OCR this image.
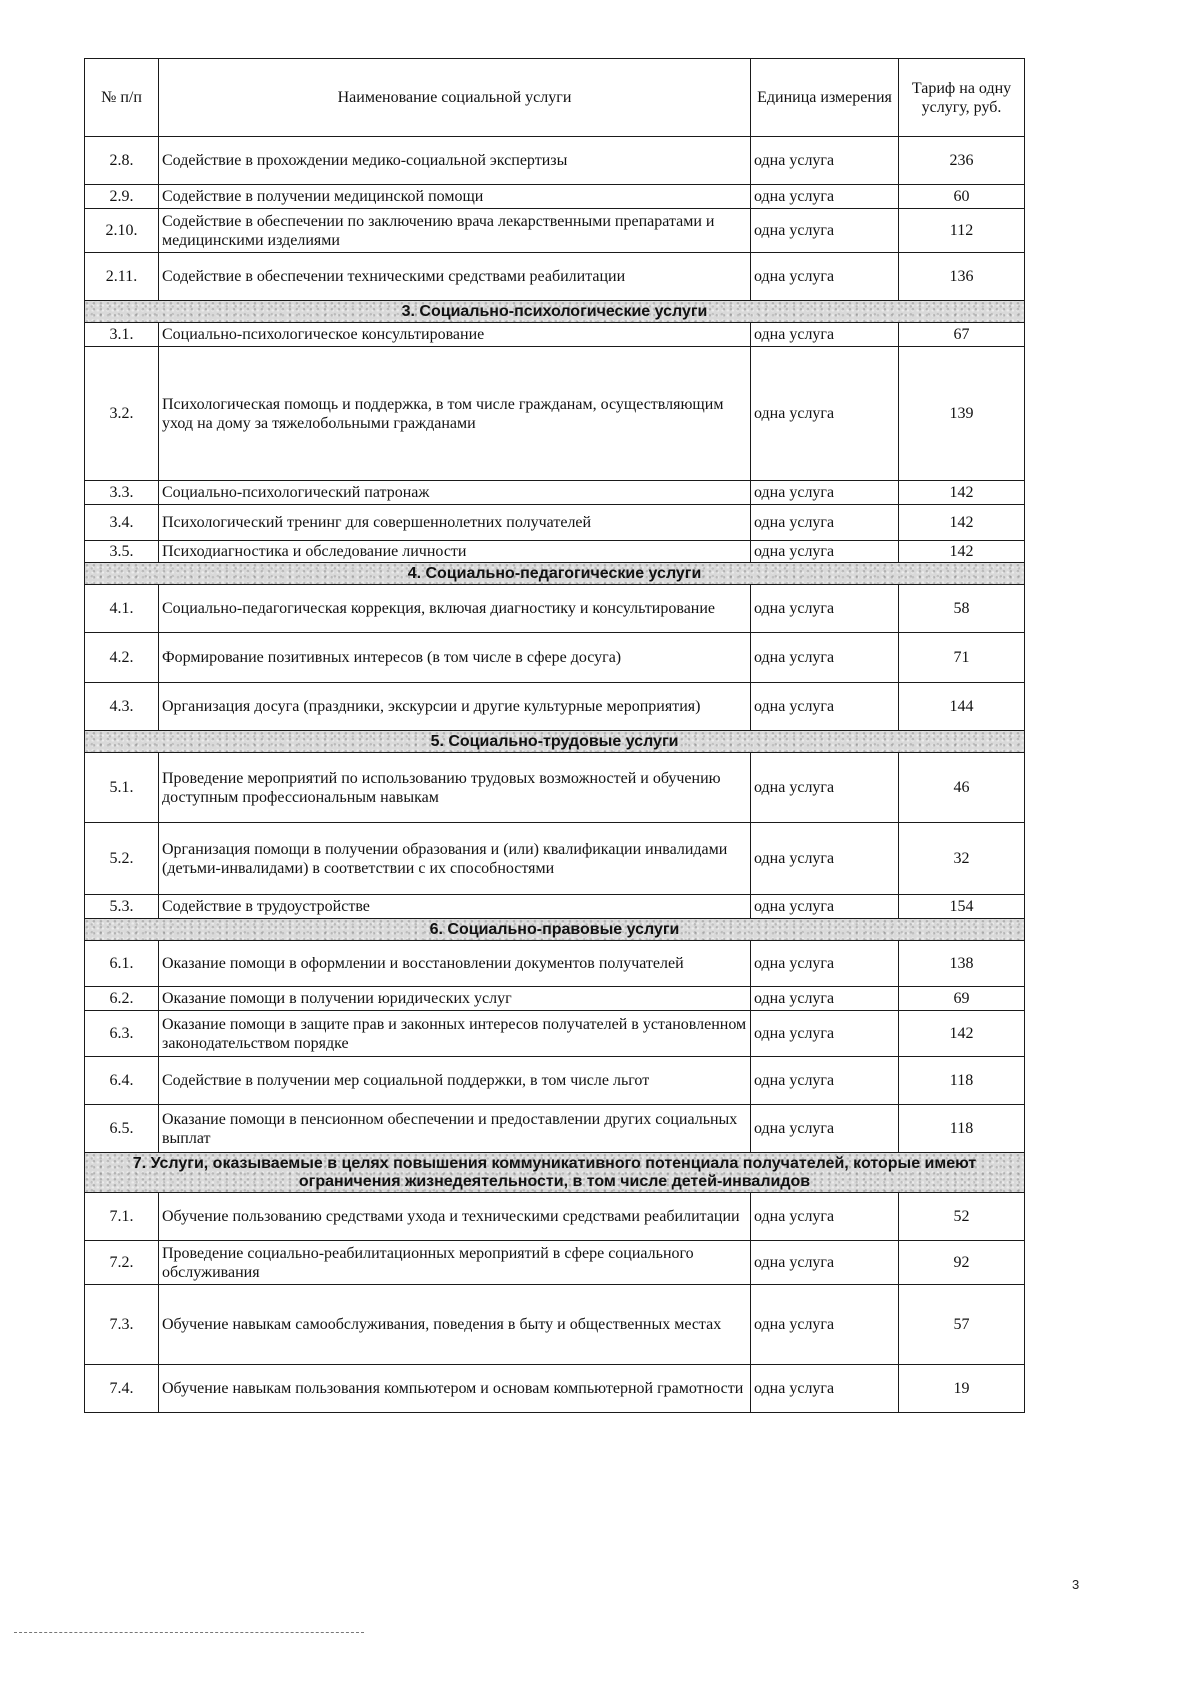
№ п/п	Наименование социальной услуги	Единица измерения	Тариф на одну услугу, руб.
2.8.	Содействие в прохождении медико-социальной экспертизы	одна услуга	236
2.9.	Содействие в получении медицинской помощи	одна услуга	60
2.10.	Содействие в обеспечении по заключению врача лекарственными препаратами и медицинскими изделиями	одна услуга	112
2.11.	Содействие в обеспечении техническими средствами реабилитации	одна услуга	136
3. Социально-психологические услуги			
3.1.	Социально-психологическое консультирование	одна услуга	67
3.2.	Психологическая помощь и поддержка, в том числе гражданам, осуществляющим уход на дому за тяжелобольными гражданами	одна услуга	139
3.3.	Социально-психологический патронаж	одна услуга	142
3.4.	Психологический тренинг для совершеннолетних получателей	одна услуга	142
3.5.	Психодиагностика и обследование личности	одна услуга	142
4. Социально-педагогические услуги			
4.1.	Социально-педагогическая коррекция, включая диагностику и консультирование	одна услуга	58
4.2.	Формирование позитивных интересов (в том числе в сфере досуга)	одна услуга	71
4.3.	Организация досуга (праздники, экскурсии и другие культурные мероприятия)	одна услуга	144
5. Социально-трудовые услуги			
5.1.	Проведение мероприятий по использованию трудовых возможностей и обучению доступным профессиональным навыкам	одна услуга	46
5.2.	Организация помощи в получении образования и (или) квалификации инвалидами (детьми-инвалидами) в соответствии с их способностями	одна услуга	32
5.3.	Содействие в трудоустройстве	одна услуга	154
6. Социально-правовые услуги			
6.1.	Оказание помощи в оформлении и восстановлении документов получателей	одна услуга	138
6.2.	Оказание помощи в получении юридических услуг	одна услуга	69
6.3.	Оказание помощи в защите прав и законных интересов получателей в установленном законодательством порядке	одна услуга	142
6.4.	Содействие в получении мер социальной поддержки, в том числе льгот	одна услуга	118
6.5.	Оказание помощи в пенсионном обеспечении и предоставлении других социальных выплат	одна услуга	118
7. Услуги, оказываемые в целях повышения коммуникативного потенциала получателей, которые имеют ограничения жизнедеятельности, в том числе детей-инвалидов			
7.1.	Обучение пользованию средствами ухода и техническими средствами реабилитации	одна услуга	52
7.2.	Проведение социально-реабилитационных мероприятий в сфере социального обслуживания	одна услуга	92
7.3.	Обучение навыкам самообслуживания, поведения в быту и общественных местах	одна услуга	57
7.4.	Обучение навыкам пользования компьютером и основам компьютерной грамотности	одна услуга	19
3
